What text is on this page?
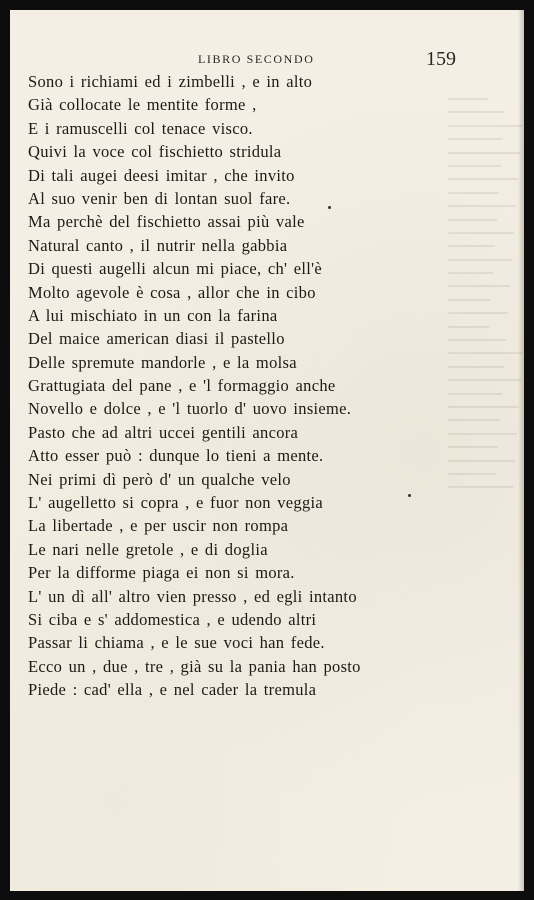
LIBRO SECONDO	159
Sono i richiami ed i zimbelli , e in alto
Già collocate le mentite forme ,
E i ramuscelli col tenace visco.
Quivi la voce col fischietto stridula
Di tali augei deesi imitar , che invito
Al suo venir ben di lontan suol fare.
Ma perchè del fischietto assai più vale
Natural canto , il nutrir nella gabbia
Di questi augelli alcun mi piace, ch' ell'è
Molto agevole è cosa , allor che in cibo
A lui mischiato in un con la farina
Del maice american diasi il pastello
Delle spremute mandorle , e la molsa
Grattugiata del pane , e 'l formaggio anche
Novello e dolce , e 'l tuorlo d' uovo insieme.
Pasto che ad altri uccei gentili ancora
Atto esser può : dunque lo tieni a mente.
Nei primi dì però d' un qualche velo
L' augelletto si copra , e fuor non veggia
La libertade , e per uscir non rompa
Le nari nelle gretole , e di doglia
Per la difforme piaga ei non si mora.
L' un dì all' altro vien presso , ed egli intanto
Si ciba e s' addomestica , e udendo altri
Passar li chiama , e le sue voci han fede.
Ecco un , due , tre , già su la pania han posto
Piede : cad' ella , e nel cader la tremula
